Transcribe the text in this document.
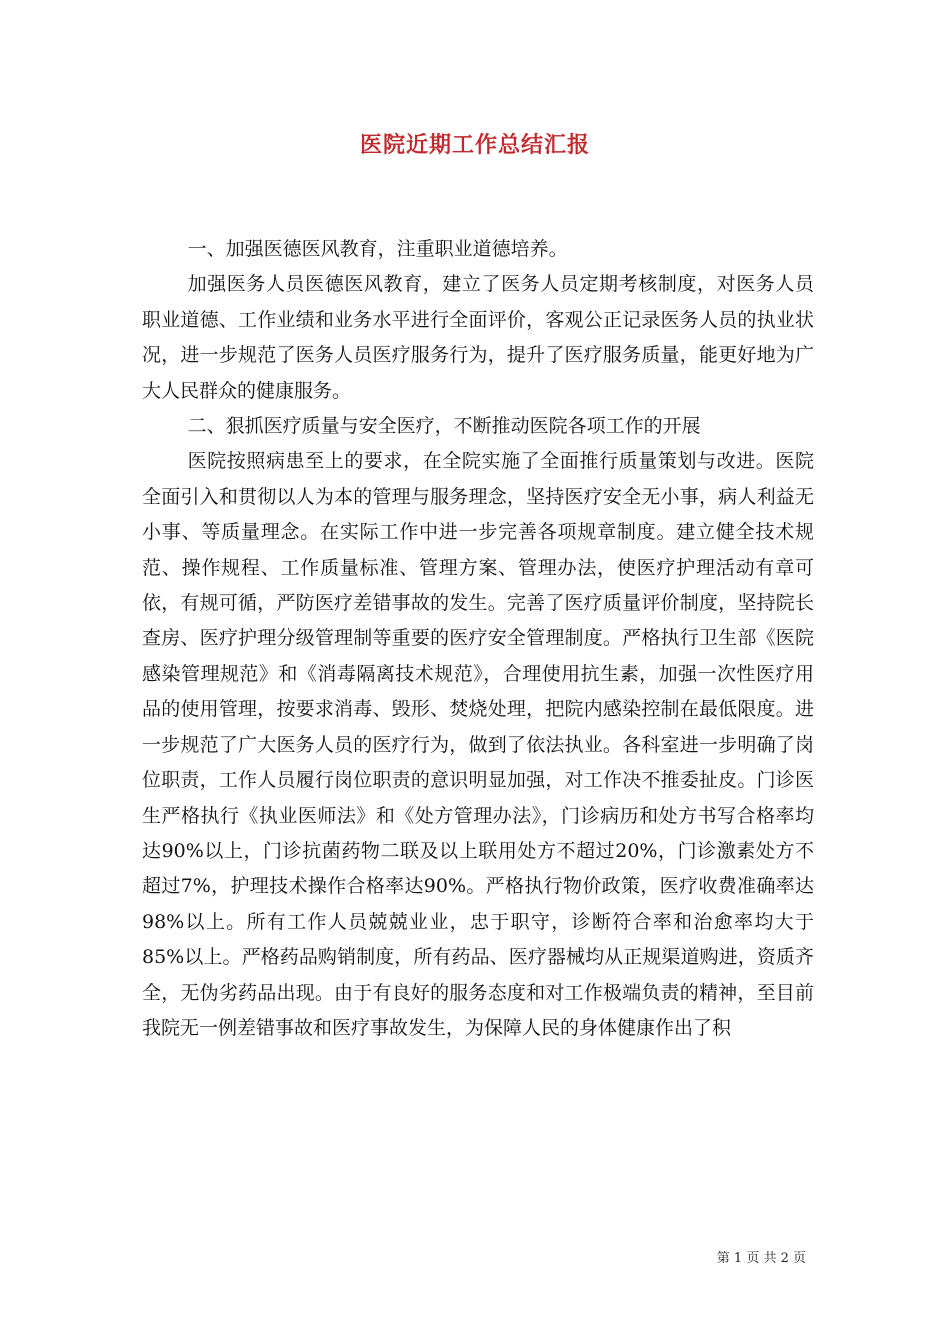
医院近期工作总结汇报

一、加强医德医风教育，注重职业道德培养。

加强医务人员医德医风教育，建立了医务人员定期考核制度，对医务人员职业道德、工作业绩和业务水平进行全面评价，客观公正记录医务人员的执业状况，进一步规范了医务人员医疗服务行为，提升了医疗服务质量，能更好地为广大人民群众的健康服务。

二、狠抓医疗质量与安全医疗，不断推动医院各项工作的开展

医院按照病患至上的要求，在全院实施了全面推行质量策划与改进。医院全面引入和贯彻以人为本的管理与服务理念，坚持医疗安全无小事，病人利益无小事、等质量理念。在实际工作中进一步完善各项规章制度。建立健全技术规范、操作规程、工作质量标准、管理方案、管理办法，使医疗护理活动有章可依，有规可循，严防医疗差错事故的发生。完善了医疗质量评价制度，坚持院长查房、医疗护理分级管理制等重要的医疗安全管理制度。严格执行卫生部《医院感染管理规范》和《消毒隔离技术规范》，合理使用抗生素，加强一次性医疗用品的使用管理，按要求消毒、毁形、焚烧处理，把院内感染控制在最低限度。进一步规范了广大医务人员的医疗行为，做到了依法执业。各科室进一步明确了岗位职责，工作人员履行岗位职责的意识明显加强，对工作决不推委扯皮。门诊医生严格执行《执业医师法》和《处方管理办法》，门诊病历和处方书写合格率均达90%以上，门诊抗菌药物二联及以上联用处方不超过20%，门诊激素处方不超过7%，护理技术操作合格率达90%。严格执行物价政策，医疗收费准确率达98%以上。所有工作人员兢兢业业，忠于职守，诊断符合率和治愈率均大于85%以上。严格药品购销制度，所有药品、医疗器械均从正规渠道购进，资质齐全，无伪劣药品出现。由于有良好的服务态度和对工作极端负责的精神，至目前我院无一例差错事故和医疗事故发生，为保障人民的身体健康作出了积

第 1 页 共 2 页
